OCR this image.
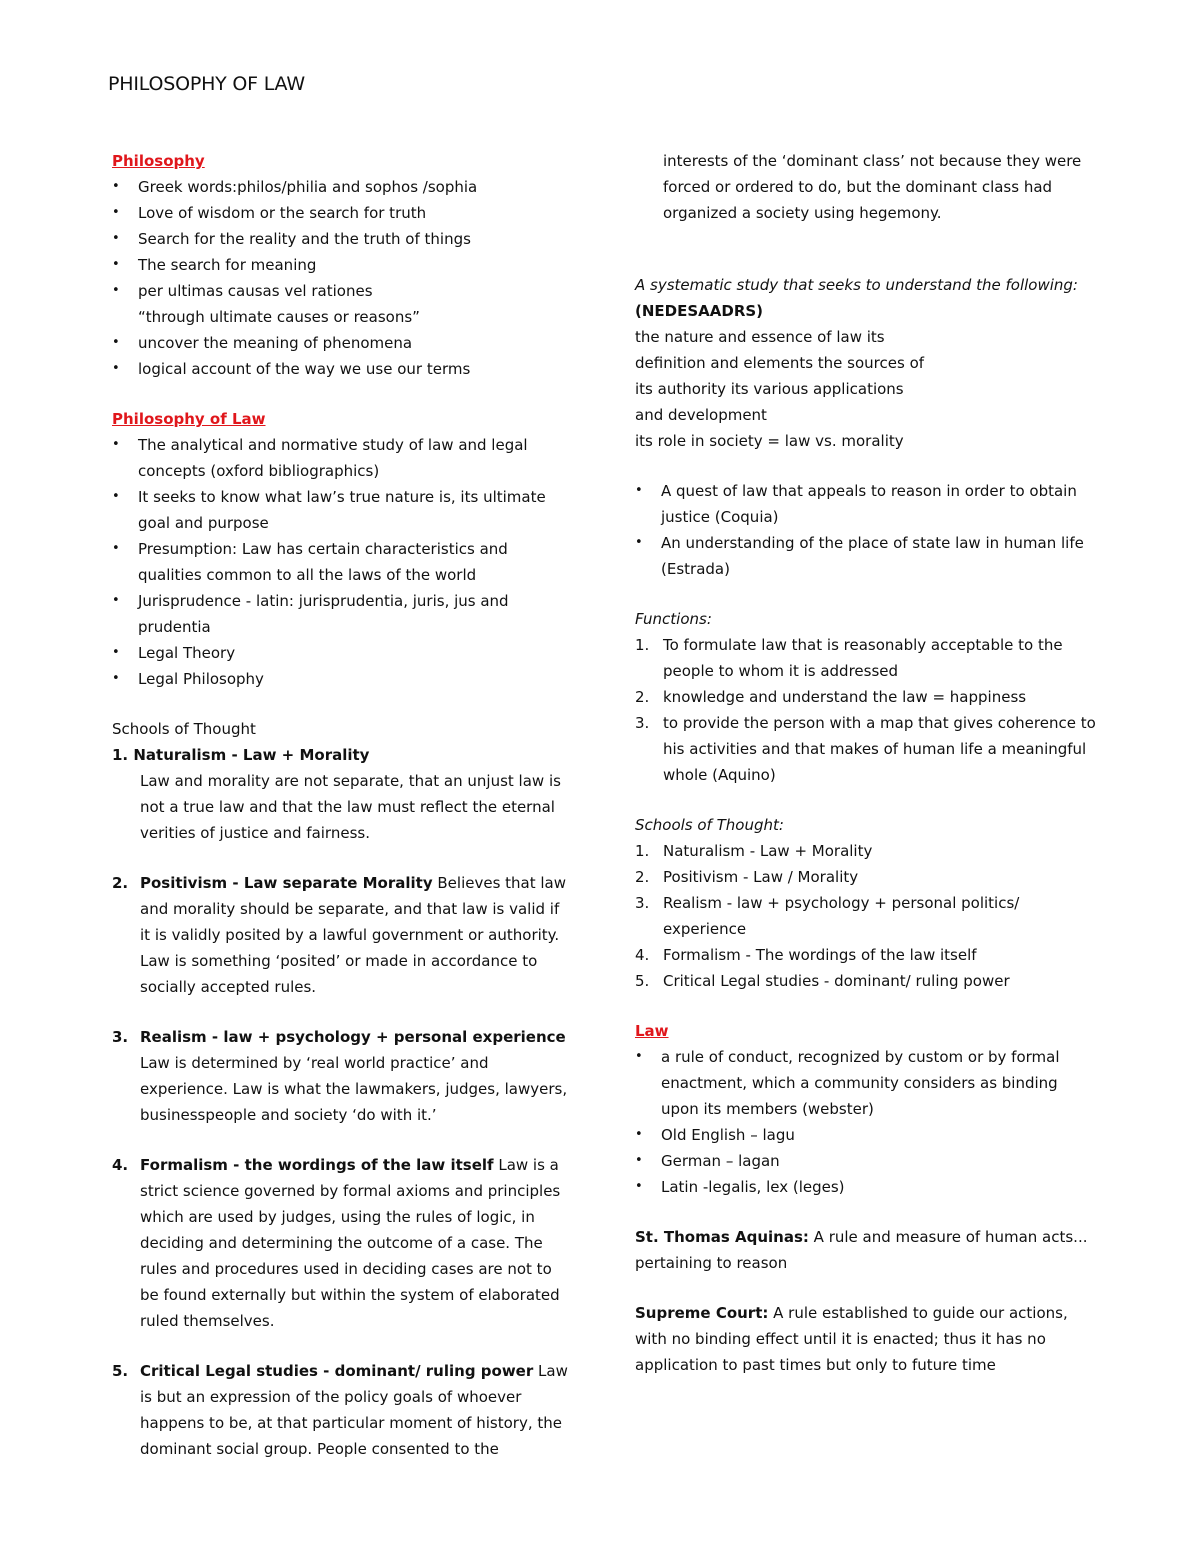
PHILOSOPHY OF LAW
Philosophy
• Greek words:philos/philia and sophos /sophia
• Love of wisdom or the search for truth
• Search for the reality and the truth of things
• The search for meaning
• per ultimas causas vel rationes
“through ultimate causes or reasons”
• uncover the meaning of phenomena
• logical account of the way we use our terms
Philosophy of Law
• The analytical and normative study of law and legal concepts (oxford bibliographics)
• It seeks to know what law’s true nature is, its ultimate goal and purpose
• Presumption: Law has certain characteristics and qualities common to all the laws of the world
• Jurisprudence - latin: jurisprudentia, juris, jus and prudentia
• Legal Theory
• Legal Philosophy
Schools of Thought
1. Naturalism - Law + Morality
Law and morality are not separate, that an unjust law is not a true law and that the law must reflect the eternal verities of justice and fairness.
2. Positivism - Law separate Morality Believes that law and morality should be separate, and that law is valid if it is validly posited by a lawful government or authority. Law is something ‘posited’ or made in accordance to socially accepted rules.
3. Realism - law + psychology + personal experience
Law is determined by ‘real world practice’ and experience. Law is what the lawmakers, judges, lawyers, businesspeople and society ‘do with it.’
4. Formalism - the wordings of the law itself Law is a strict science governed by formal axioms and principles which are used by judges, using the rules of logic, in deciding and determining the outcome of a case. The rules and procedures used in deciding cases are not to be found externally but within the system of elaborated ruled themselves.
5. Critical Legal studies - dominant/ ruling power Law is but an expression of the policy goals of whoever happens to be, at that particular moment of history, the dominant social group. People consented to the
interests of the ‘dominant class’ not because they were forced or ordered to do, but the dominant class had organized a society using hegemony.
A systematic study that seeks to understand the following:
(NEDESAADRS)
the nature and essence of law its
definition and elements the sources of
its authority its various applications
and development
its role in society = law vs. morality
• A quest of law that appeals to reason in order to obtain justice (Coquia)
• An understanding of the place of state law in human life (Estrada)
Functions:
1. To formulate law that is reasonably acceptable to the people to whom it is addressed
2. knowledge and understand the law = happiness
3. to provide the person with a map that gives coherence to his activities and that makes of human life a meaningful whole (Aquino)
Schools of Thought:
1. Naturalism - Law + Morality
2. Positivism - Law / Morality
3. Realism - law + psychology + personal politics/ experience
4. Formalism - The wordings of the law itself
5. Critical Legal studies - dominant/ ruling power
Law
• a rule of conduct, recognized by custom or by formal enactment, which a community considers as binding upon its members (webster)
• Old English – lagu
• German – lagan
• Latin -legalis, lex (leges)
St. Thomas Aquinas: A rule and measure of human acts...
pertaining to reason
Supreme Court: A rule established to guide our actions, with no binding effect until it is enacted; thus it has no application to past times but only to future time
